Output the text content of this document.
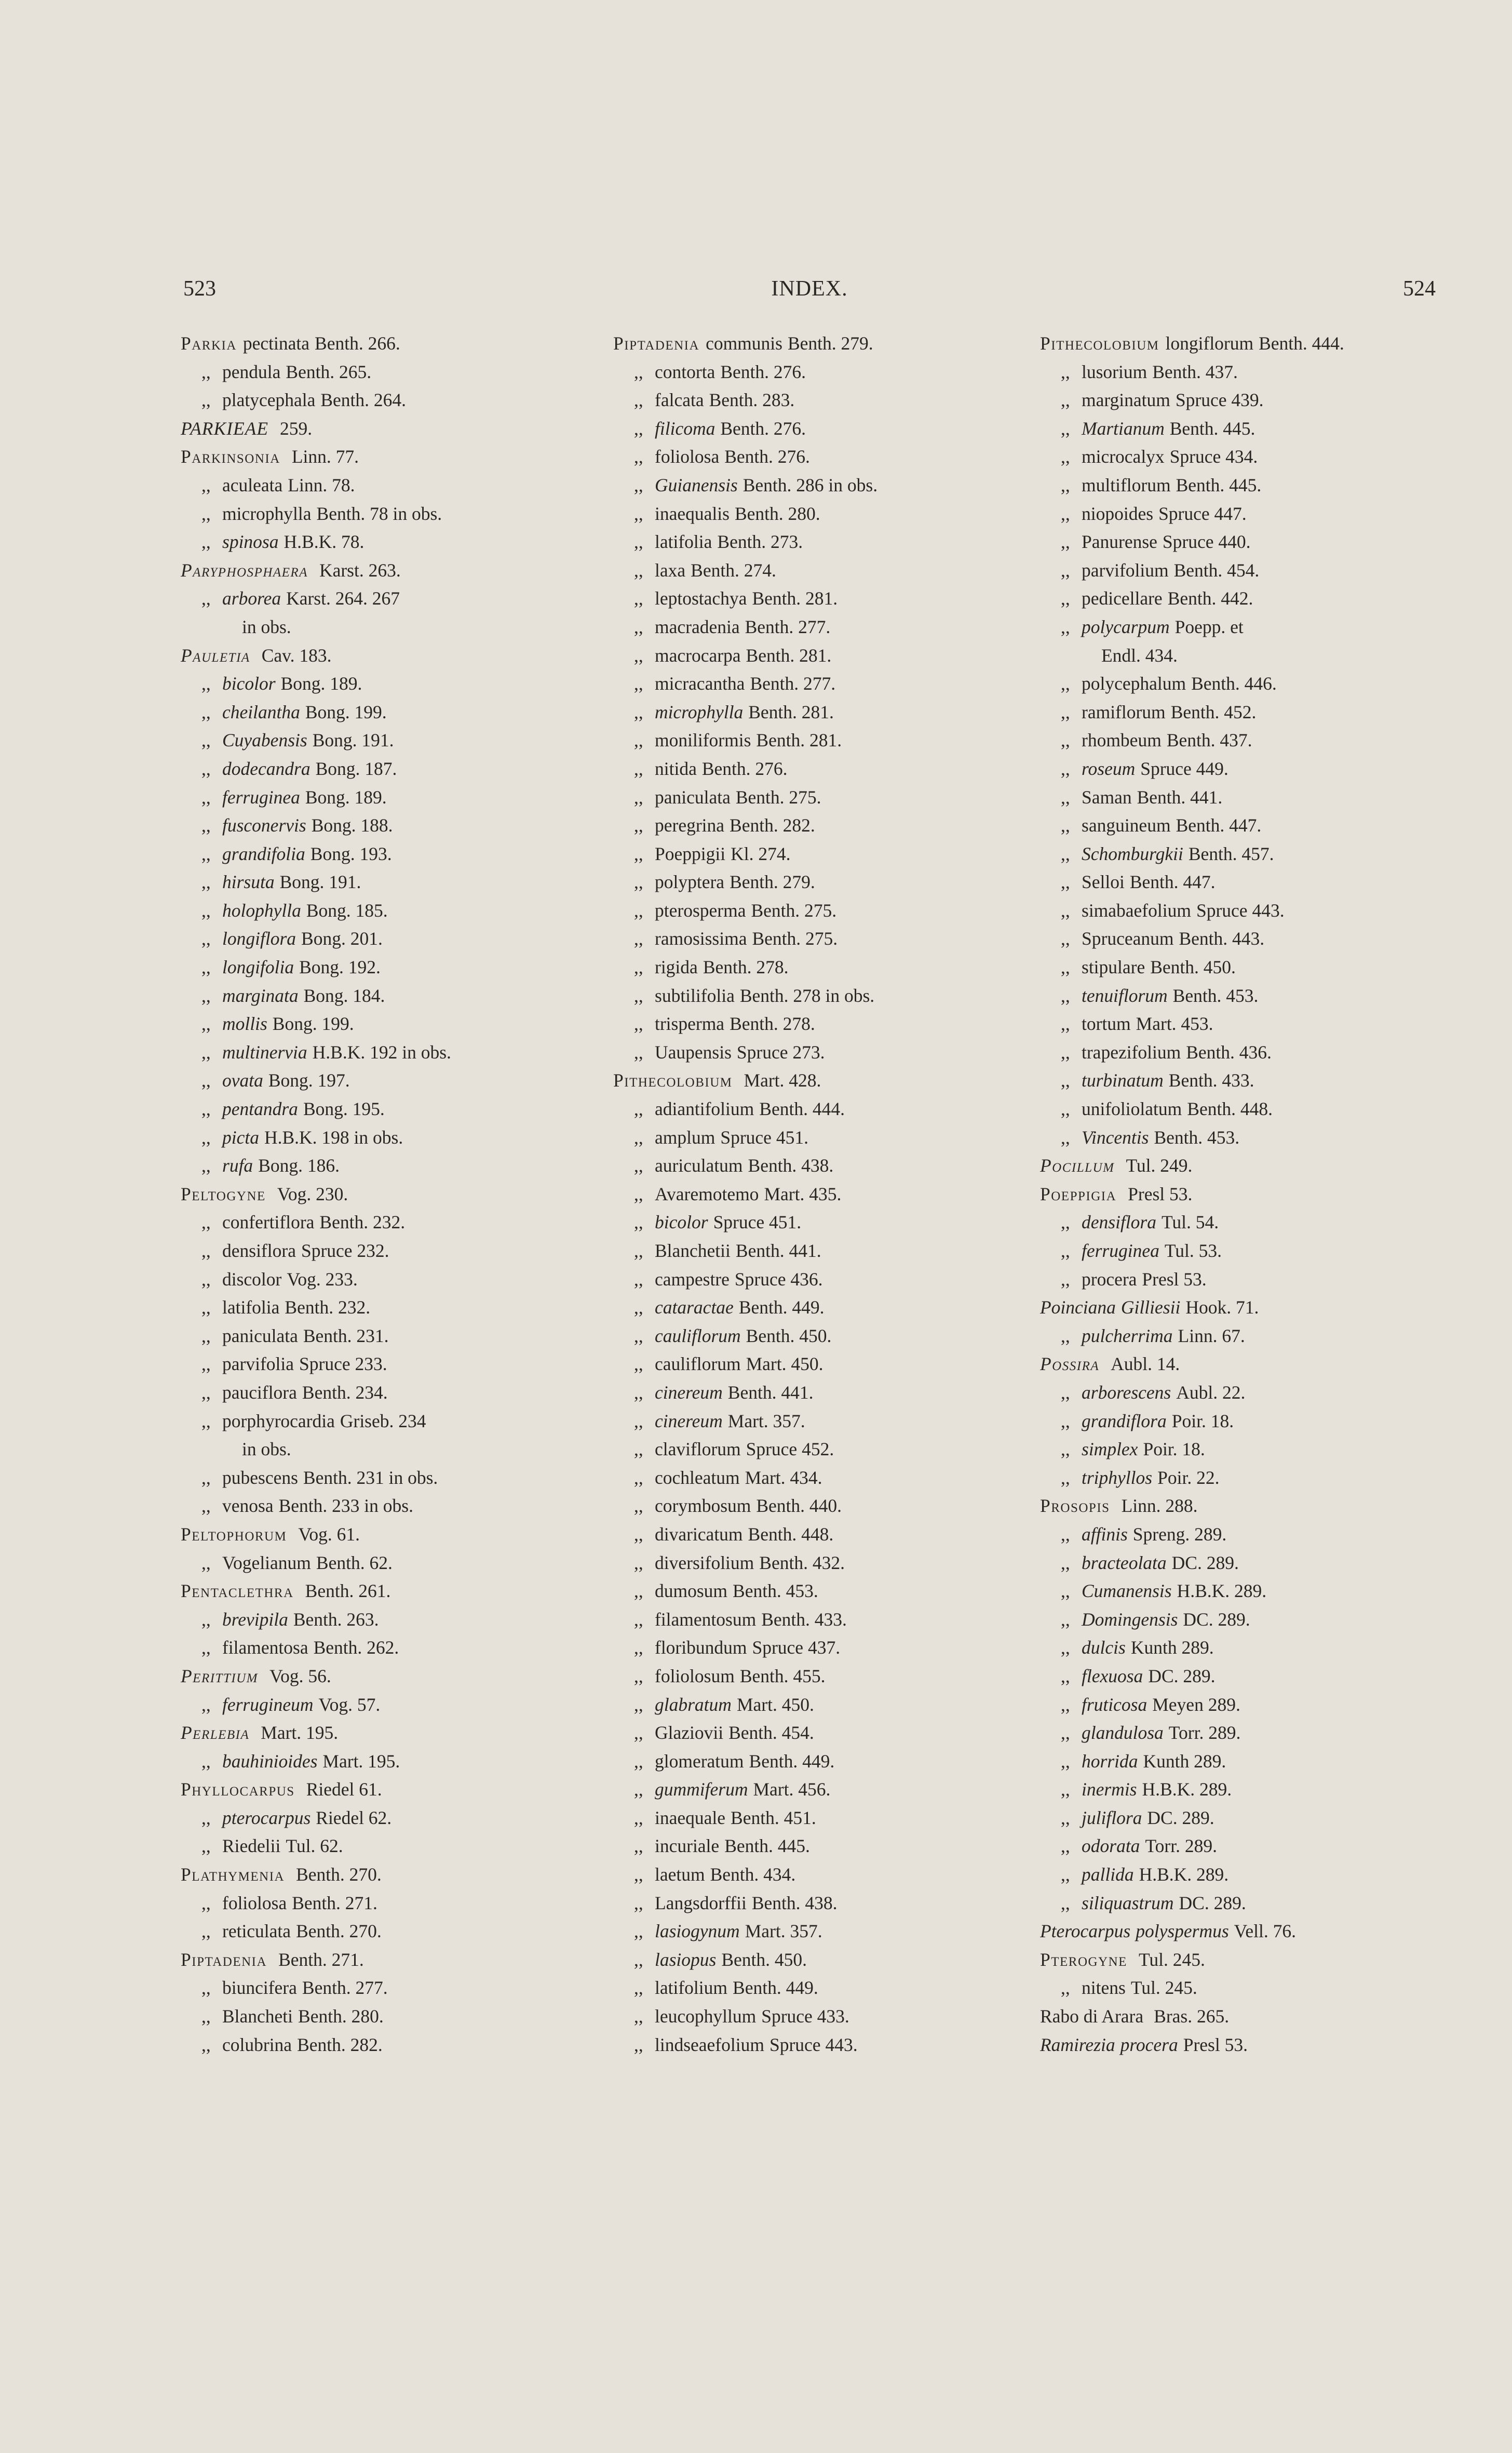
523	INDEX.	524
Parkia pectinata Benth. 266.
,, pendula Benth. 265.
,, platycephala Benth. 264.
PARKIEAE 259.
Parkinsonia Linn. 77.
,, aculeata Linn. 78.
,, microphylla Benth. 78 in obs.
,, spinosa H.B.K. 78.
Paryphosphaera Karst. 263.
,, arborea Karst. 264. 267
in obs.
Pauletia Cav. 183.
,, bicolor Bong. 189.
,, cheilantha Bong. 199.
,, Cuyabensis Bong. 191.
,, dodecandra Bong. 187.
,, ferruginea Bong. 189.
,, fusconervis Bong. 188.
,, grandifolia Bong. 193.
,, hirsuta Bong. 191.
,, holophylla Bong. 185.
,, longiflora Bong. 201.
,, longifolia Bong. 192.
,, marginata Bong. 184.
,, mollis Bong. 199.
,, multinervia H.B.K. 192 in obs.
,, ovata Bong. 197.
,, pentandra Bong. 195.
,, picta H.B.K. 198 in obs.
,, rufa Bong. 186.
Peltogyne Vog. 230.
,, confertiflora Benth. 232.
,, densiflora Spruce 232.
,, discolor Vog. 233.
,, latifolia Benth. 232.
,, paniculata Benth. 231.
,, parvifolia Spruce 233.
,, pauciflora Benth. 234.
,, porphyrocardia Griseb. 234
in obs.
,, pubescens Benth. 231 in obs.
,, venosa Benth. 233 in obs.
Peltophorum Vog. 61.
,, Vogelianum Benth. 62.
Pentaclethra Benth. 261.
,, brevipila Benth. 263.
,, filamentosa Benth. 262.
Perittium Vog. 56.
,, ferrugineum Vog. 57.
Perlebia Mart. 195.
,, bauhinioides Mart. 195.
Phyllocarpus Riedel 61.
,, pterocarpus Riedel 62.
,, Riedelii Tul. 62.
Plathymenia Benth. 270.
,, foliolosa Benth. 271.
,, reticulata Benth. 270.
Piptadenia Benth. 271.
,, biuncifera Benth. 277.
,, Blancheti Benth. 280.
,, colubrina Benth. 282.
Piptadenia communis Benth. 279.
,, contorta Benth. 276.
,, falcata Benth. 283.
,, filicoma Benth. 276.
,, foliolosa Benth. 276.
,, Guianensis Benth. 286 in obs.
,, inaequalis Benth. 280.
,, latifolia Benth. 273.
,, laxa Benth. 274.
,, leptostachya Benth. 281.
,, macradenia Benth. 277.
,, macrocarpa Benth. 281.
,, micracantha Benth. 277.
,, microphylla Benth. 281.
,, moniliformis Benth. 281.
,, nitida Benth. 276.
,, paniculata Benth. 275.
,, peregrina Benth. 282.
,, Poeppigii Kl. 274.
,, polyptera Benth. 279.
,, pterosperma Benth. 275.
,, ramosissima Benth. 275.
,, rigida Benth. 278.
,, subtilifolia Benth. 278 in obs.
,, trisperma Benth. 278.
,, Uaupensis Spruce 273.
Pithecolobium Mart. 428.
,, adiantifolium Benth. 444.
,, amplum Spruce 451.
,, auriculatum Benth. 438.
,, Avaremotemo Mart. 435.
,, bicolor Spruce 451.
,, Blanchetii Benth. 441.
,, campestre Spruce 436.
,, cataractae Benth. 449.
,, cauliflorum Benth. 450.
,, cauliflorum Mart. 450.
,, cinereum Benth. 441.
,, cinereum Mart. 357.
,, claviflorum Spruce 452.
,, cochleatum Mart. 434.
,, corymbosum Benth. 440.
,, divaricatum Benth. 448.
,, diversifolium Benth. 432.
,, dumosum Benth. 453.
,, filamentosum Benth. 433.
,, floribundum Spruce 437.
,, foliolosum Benth. 455.
,, glabratum Mart. 450.
,, Glaziovii Benth. 454.
,, glomeratum Benth. 449.
,, gummiferum Mart. 456.
,, inaequale Benth. 451.
,, incuriale Benth. 445.
,, laetum Benth. 434.
,, Langsdorffii Benth. 438.
,, lasiogynum Mart. 357.
,, lasiopus Benth. 450.
,, latifolium Benth. 449.
,, leucophyllum Spruce 433.
,, lindseaefolium Spruce 443.
Pithecolobium longiflorum Benth. 444.
,, lusorium Benth. 437.
,, marginatum Spruce 439.
,, Martianum Benth. 445.
,, microcalyx Spruce 434.
,, multiflorum Benth. 445.
,, niopoides Spruce 447.
,, Panurense Spruce 440.
,, parvifolium Benth. 454.
,, pedicellare Benth. 442.
,, polycarpum Poepp. et
Endl. 434.
,, polycephalum Benth. 446.
,, ramiflorum Benth. 452.
,, rhombeum Benth. 437.
,, roseum Spruce 449.
,, Saman Benth. 441.
,, sanguineum Benth. 447.
,, Schomburgkii Benth. 457.
,, Selloi Benth. 447.
,, simabaefolium Spruce 443.
,, Spruceanum Benth. 443.
,, stipulare Benth. 450.
,, tenuiflorum Benth. 453.
,, tortum Mart. 453.
,, trapezifolium Benth. 436.
,, turbinatum Benth. 433.
,, unifoliolatum Benth. 448.
,, Vincentis Benth. 453.
Pocillum Tul. 249.
Poeppigia Presl 53.
,, densiflora Tul. 54.
,, ferruginea Tul. 53.
,, procera Presl 53.
Poinciana Gilliesii Hook. 71.
,, pulcherrima Linn. 67.
Possira Aubl. 14.
,, arborescens Aubl. 22.
,, grandiflora Poir. 18.
,, simplex Poir. 18.
,, triphyllos Poir. 22.
Prosopis Linn. 288.
,, affinis Spreng. 289.
,, bracteolata DC. 289.
,, Cumanensis H.B.K. 289.
,, Domingensis DC. 289.
,, dulcis Kunth 289.
,, flexuosa DC. 289.
,, fruticosa Meyen 289.
,, glandulosa Torr. 289.
,, horrida Kunth 289.
,, inermis H.B.K. 289.
,, juliflora DC. 289.
,, odorata Torr. 289.
,, pallida H.B.K. 289.
,, siliquastrum DC. 289.
Pterocarpus polyspermus Vell. 76.
Pterogyne Tul. 245.
,, nitens Tul. 245.
Rabo di Arara Bras. 265.
Ramirezia procera Presl 53.
